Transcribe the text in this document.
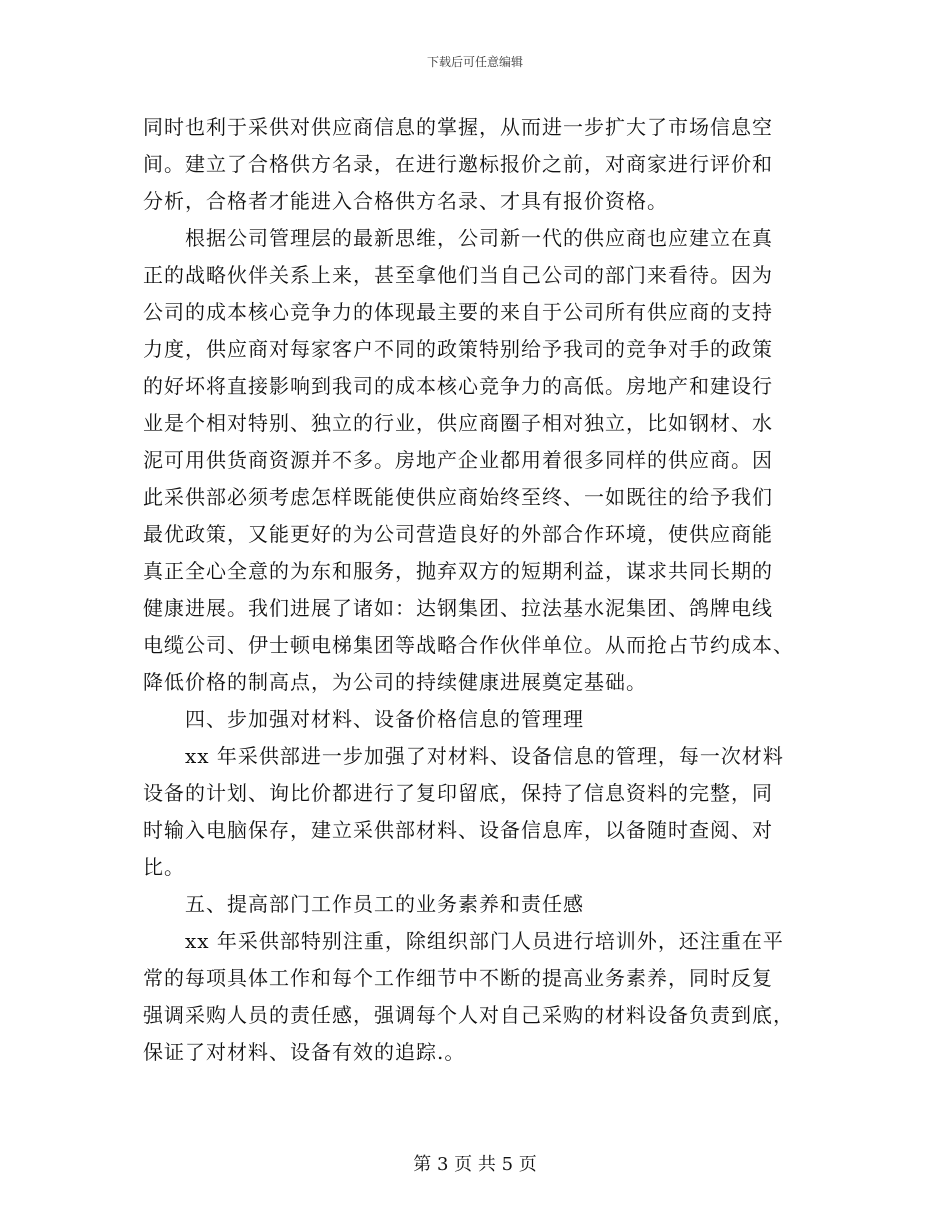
下载后可任意编辑
同时也利于采供对供应商信息的掌握，从而进一步扩大了市场信息空
间。建立了合格供方名录，在进行邀标报价之前，对商家进行评价和
分析，合格者才能进入合格供方名录、才具有报价资格。
根据公司管理层的最新思维，公司新一代的供应商也应建立在真
正的战略伙伴关系上来，甚至拿他们当自己公司的部门来看待。因为
公司的成本核心竞争力的体现最主要的来自于公司所有供应商的支持
力度，供应商对每家客户不同的政策特别给予我司的竞争对手的政策
的好坏将直接影响到我司的成本核心竞争力的高低。房地产和建设行
业是个相对特别、独立的行业，供应商圈子相对独立，比如钢材、水
泥可用供货商资源并不多。房地产企业都用着很多同样的供应商。因
此采供部必须考虑怎样既能使供应商始终至终、一如既往的给予我们
最优政策，又能更好的为公司营造良好的外部合作环境，使供应商能
真正全心全意的为东和服务，抛弃双方的短期利益，谋求共同长期的
健康进展。我们进展了诸如：达钢集团、拉法基水泥集团、鸽牌电线
电缆公司、伊士顿电梯集团等战略合作伙伴单位。从而抢占节约成本、
降低价格的制高点，为公司的持续健康进展奠定基础。
四、步加强对材料、设备价格信息的管理理
xx 年采供部进一步加强了对材料、设备信息的管理，每一次材料
设备的计划、询比价都进行了复印留底，保持了信息资料的完整，同
时输入电脑保存，建立采供部材料、设备信息库，以备随时查阅、对
比。
五、提高部门工作员工的业务素养和责任感
xx 年采供部特别注重，除组织部门人员进行培训外，还注重在平
常的每项具体工作和每个工作细节中不断的提高业务素养，同时反复
强调采购人员的责任感，强调每个人对自己采购的材料设备负责到底，
保证了对材料、设备有效的追踪.。
第 3 页 共 5 页
